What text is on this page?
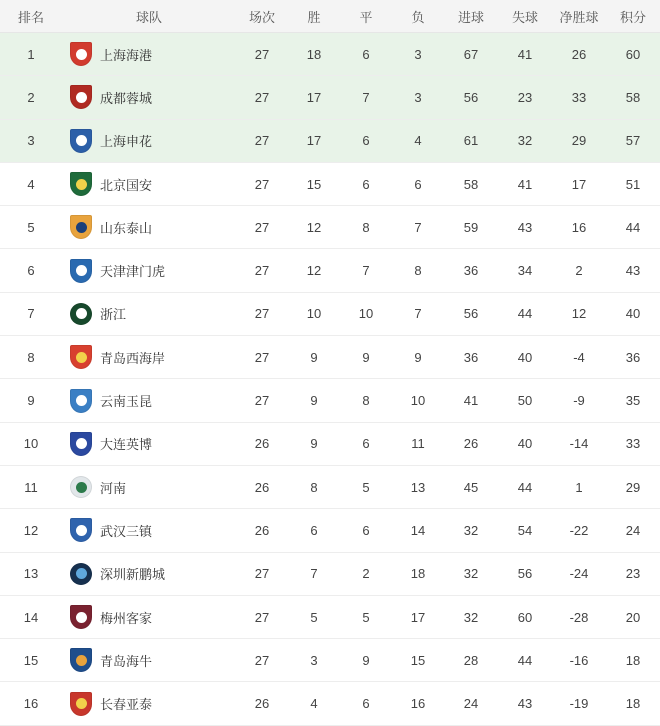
排名	球队	场次	胜	平	负	进球	失球	净胜球	积分
1	上海海港	27	18	6	3	67	41	26	60
2	成都蓉城	27	17	7	3	56	23	33	58
3	上海申花	27	17	6	4	61	32	29	57
4	北京国安	27	15	6	6	58	41	17	51
5	山东泰山	27	12	8	7	59	43	16	44
6	天津津门虎	27	12	7	8	36	34	2	43
7	浙江	27	10	10	7	56	44	12	40
8	青岛西海岸	27	9	9	9	36	40	-4	36
9	云南玉昆	27	9	8	10	41	50	-9	35
10	大连英博	26	9	6	11	26	40	-14	33
11	河南	26	8	5	13	45	44	1	29
12	武汉三镇	26	6	6	14	32	54	-22	24
13	深圳新鹏城	27	7	2	18	32	56	-24	23
14	梅州客家	27	5	5	17	32	60	-28	20
15	青岛海牛	27	3	9	15	28	44	-16	18
16	长春亚泰	26	4	6	16	24	43	-19	18
